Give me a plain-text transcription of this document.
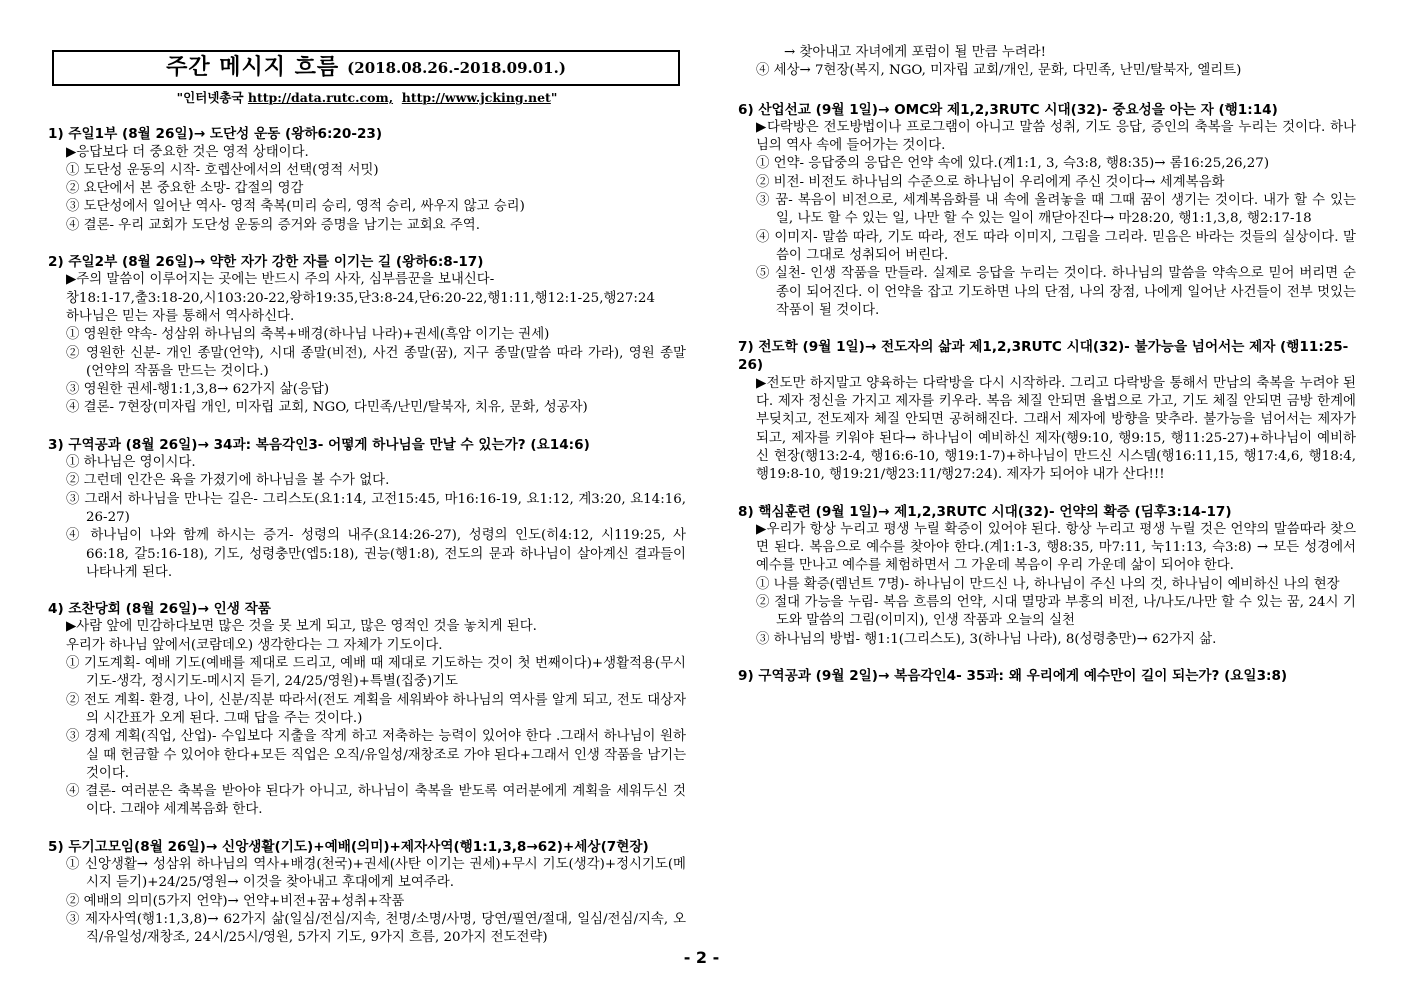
주간 메시지 흐름 (2018.08.26.-2018.09.01.)
"인터넷총국 http://data.rutc.com, http://www.jcking.net"
1) 주일1부 (8월 26일)→ 도단성 운동 (왕하6:20-23)
▶응답보다 더 중요한 것은 영적 상태이다.
① 도단성 운동의 시작- 호렙산에서의 선택(영적 서밋)
② 요단에서 본 중요한 소망- 갑절의 영감
③ 도단성에서 일어난 역사- 영적 축복(미리 승리, 영적 승리, 싸우지 않고 승리)
④ 결론- 우리 교회가 도단성 운동의 증거와 증명을 남기는 교회요 주역.
2) 주일2부 (8월 26일)→ 약한 자가 강한 자를 이기는 길 (왕하6:8-17)
▶주의 말씀이 이루어지는 곳에는 반드시 주의 사자, 심부름꾼을 보내신다-
창18:1-17,출3:18-20,시103:20-22,왕하19:35,단3:8-24,단6:20-22,행1:11,행12:1-25,행27:24
하나님은 믿는 자를 통해서 역사하신다.
① 영원한 약속- 성삼위 하나님의 축복+배경(하나님 나라)+권세(흑암 이기는 권세)
② 영원한 신분- 개인 종말(언약), 시대 종말(비전), 사건 종말(꿈), 지구 종말(말씀 따라 가라), 영원 종말(언약의 작품을 만드는 것이다.)
③ 영원한 권세-행1:1,3,8→ 62가지 삶(응답)
④ 결론- 7현장(미자립 개인, 미자립 교회, NGO, 다민족/난민/탈북자, 치유, 문화, 성공자)
3) 구역공과 (8월 26일)→ 34과: 복음각인3- 어떻게 하나님을 만날 수 있는가? (요14:6)
① 하나님은 영이시다.
② 그런데 인간은 육을 가졌기에 하나님을 볼 수가 없다.
③ 그래서 하나님을 만나는 길은- 그리스도(요1:14, 고전15:45, 마16:16-19, 요1:12, 계3:20, 요14:16, 26-27)
④ 하나님이 나와 함께 하시는 증거- 성령의 내주(요14:26-27), 성령의 인도(히4:12, 시119:25, 사66:18, 갈5:16-18), 기도, 성령충만(엡5:18), 권능(행1:8), 전도의 문과 하나님이 살아계신 결과들이 나타나게 된다.
4) 조찬당회 (8월 26일)→ 인생 작품
▶사람 앞에 민감하다보면 많은 것을 못 보게 되고, 많은 영적인 것을 놓치게 된다.
우리가 하나님 앞에서(코람데오) 생각한다는 그 자체가 기도이다.
① 기도계획- 예배 기도(예배를 제대로 드리고, 예배 때 제대로 기도하는 것이 첫 번째이다)+생활적용(무시기도-생각, 정시기도-메시지 듣기, 24/25/영원)+특별(집중)기도
② 전도 계획- 환경, 나이, 신분/직분 따라서(전도 계획을 세워봐야 하나님의 역사를 알게 되고, 전도 대상자의 시간표가 오게 된다. 그때 답을 주는 것이다.)
③ 경제 계획(직업, 산업)- 수입보다 지출을 작게 하고 저축하는 능력이 있어야 한다 .그래서 하나님이 원하실 때 헌금할 수 있어야 한다+모든 직업은 오직/유일성/재창조로 가야 된다+그래서 인생 작품을 남기는 것이다.
④ 결론- 여러분은 축복을 받아야 된다가 아니고, 하나님이 축복을 받도록 여러분에게 계획을 세워두신 것이다. 그래야 세계복음화 한다.
5) 두기고모임(8월 26일)→ 신앙생활(기도)+예배(의미)+제자사역(행1:1,3,8→62)+세상(7현장)
① 신앙생활→ 성삼위 하나님의 역사+배경(천국)+권세(사탄 이기는 권세)+무시 기도(생각)+정시기도(메시지 듣기)+24/25/영원→ 이것을 찾아내고 후대에게 보여주라.
② 예배의 의미(5가지 언약)→ 언약+비전+꿈+성취+작품
③ 제자사역(행1:1,3,8)→ 62가지 삶(일심/전심/지속, 천명/소명/사명, 당연/필연/절대, 일심/전심/지속, 오직/유일성/재창조, 24시/25시/영원, 5가지 기도, 9가지 흐름, 20가지 전도전략)
→ 찾아내고 자녀에게 포럼이 될 만큼 누려라!
④ 세상→ 7현장(복지, NGO, 미자립 교회/개인, 문화, 다민족, 난민/탈북자, 엘리트)
6) 산업선교 (9월 1일)→ OMC와 제1,2,3RUTC 시대(32)- 중요성을 아는 자 (행1:14)
▶다락방은 전도방법이나 프로그램이 아니고 말씀 성취, 기도 응답, 증인의 축복을 누리는 것이다. 하나님의 역사 속에 들어가는 것이다.
① 언약- 응답중의 응답은 언약 속에 있다.(계1:1, 3, 슥3:8, 행8:35)→ 롬16:25,26,27)
② 비전- 비전도 하나님의 수준으로 하나님이 우리에게 주신 것이다→ 세계복음화
③ 꿈- 복음이 비전으로, 세계복음화를 내 속에 올려놓을 때 그때 꿈이 생기는 것이다. 내가 할 수 있는 일, 나도 할 수 있는 일, 나만 할 수 있는 일이 깨닫아진다→ 마28:20, 행1:1,3,8, 행2:17-18
④ 이미지- 말씀 따라, 기도 따라, 전도 따라 이미지, 그림을 그리라. 믿음은 바라는 것들의 실상이다. 말씀이 그대로 성취되어 버린다.
⑤ 실천- 인생 작품을 만들라. 실제로 응답을 누리는 것이다. 하나님의 말씀을 약속으로 믿어 버리면 순종이 되어진다. 이 언약을 잡고 기도하면 나의 단점, 나의 장점, 나에게 일어난 사건들이 전부 멋있는 작품이 될 것이다.
7) 전도학 (9월 1일)→ 전도자의 삶과 제1,2,3RUTC 시대(32)- 불가능을 넘어서는 제자 (행11:25-26)
▶전도만 하지말고 양육하는 다락방을 다시 시작하라. 그리고 다락방을 통해서 만남의 축복을 누려야 된다. 제자 정신을 가지고 제자를 키우라. 복음 체질 안되면 율법으로 가고, 기도 체질 안되면 금방 한계에 부딪치고, 전도제자 체질 안되면 공허해진다. 그래서 제자에 방향을 맞추라. 불가능을 넘어서는 제자가 되고, 제자를 키워야 된다→ 하나님이 예비하신 제자(행9:10, 행9:15, 행11:25-27)+하나님이 예비하신 현장(행13:2-4, 행16:6-10, 행19:1-7)+하나님이 만드신 시스템(행16:11,15, 행17:4,6, 행18:4, 행19:8-10, 행19:21/행23:11/행27:24). 제자가 되어야 내가 산다!!!
8) 핵심훈련 (9월 1일)→ 제1,2,3RUTC 시대(32)- 언약의 확증 (딤후3:14-17)
▶우리가 항상 누리고 평생 누릴 확증이 있어야 된다. 항상 누리고 평생 누릴 것은 언약의 말씀따라 찾으면 된다. 복음으로 예수를 찾아야 한다.(계1:1-3, 행8:35, 마7:11, 눅11:13, 슥3:8) → 모든 성경에서 예수를 만나고 예수를 체험하면서 그 가운데 복음이 우리 가운데 삶이 되어야 한다.
① 나를 확증(렘넌트 7명)- 하나님이 만드신 나, 하나님이 주신 나의 것, 하나님이 예비하신 나의 현장
② 절대 가능을 누림- 복음 흐름의 언약, 시대 멸망과 부흥의 비전, 나/나도/나만 할 수 있는 꿈, 24시 기도와 말씀의 그림(이미지), 인생 작품과 오늘의 실천
③ 하나님의 방법- 행1:1(그리스도), 3(하나님 나라), 8(성령충만)→ 62가지 삶.
9) 구역공과 (9월 2일)→ 복음각인4- 35과: 왜 우리에게 예수만이 길이 되는가? (요일3:8)
- 2 -
